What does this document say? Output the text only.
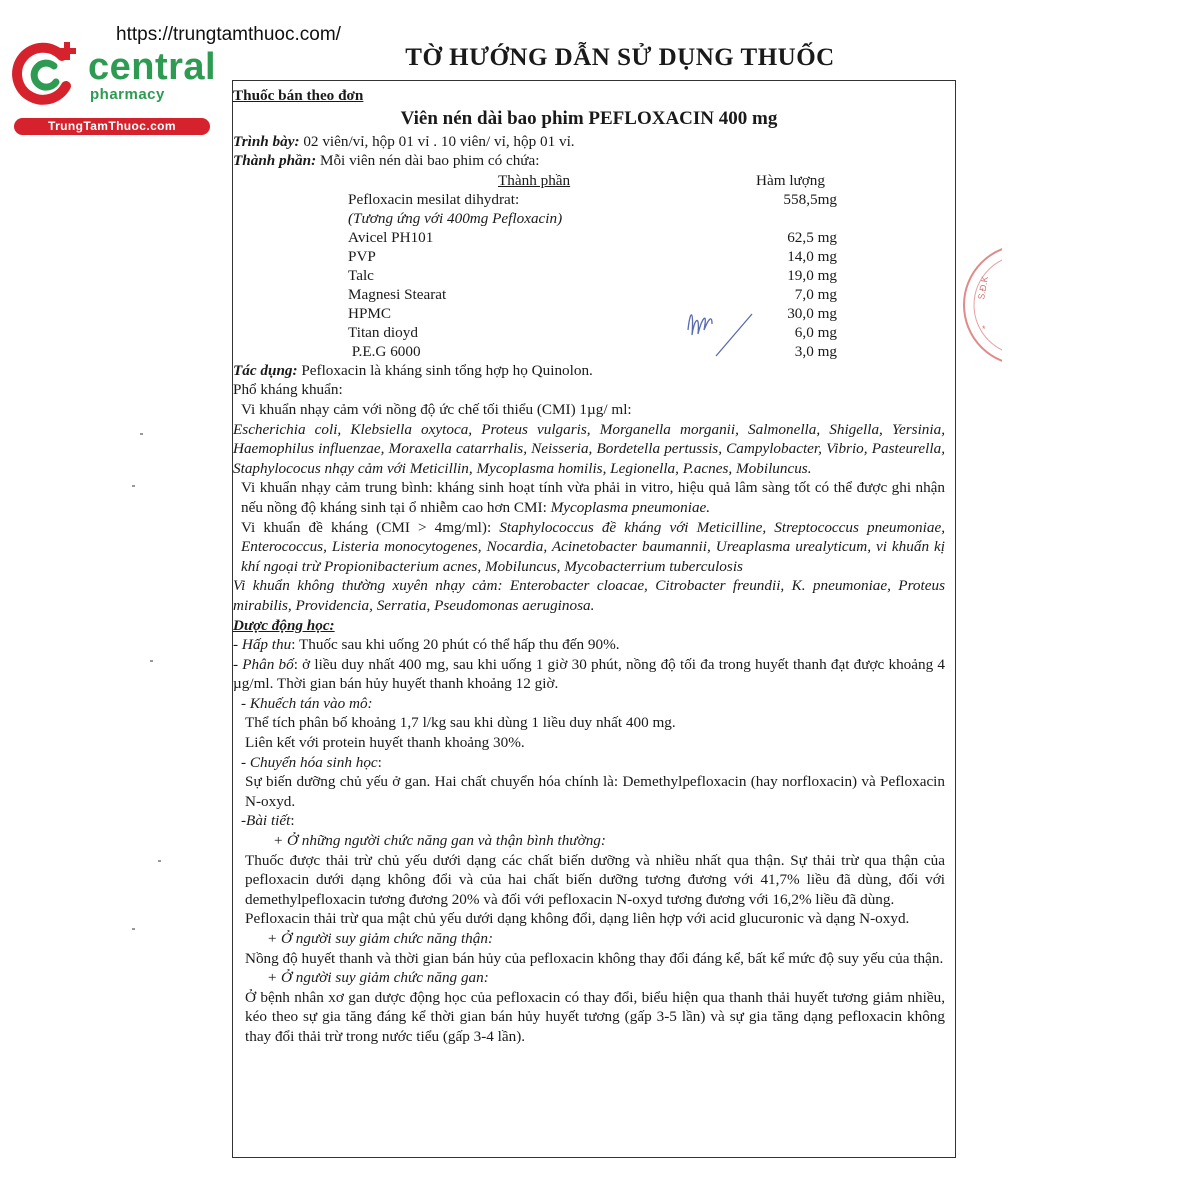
https://trungtamthuoc.com/
central
pharmacy
TrungTamThuoc.com
TỜ HƯỚNG DẪN SỬ DỤNG THUỐC
S.Đ.K
*

Thuốc bán theo đơn

Viên nén dài bao phim PEFLOXACIN 400 mg

Trình bày: 02 viên/vỉ, hộp 01 vỉ . 10 viên/ vỉ, hộp 01 vỉ.

Thành phần: Mỗi viên nén dài bao phim có chứa:

Thành phần	Hàm lượng
Pefloxacin mesilat dihydrat:	558,5mg
(Tương ứng với 400mg Pefloxacin)	
Avicel PH101	62,5 mg
PVP	14,0 mg
Talc	19,0 mg
Magnesi Stearat	7,0 mg
HPMC	30,0 mg
Titan dioyd	6,0 mg
P.E.G 6000	3,0 mg

Tác dụng: Pefloxacin là kháng sinh tổng hợp họ Quinolon.

Phổ kháng khuẩn:

Vi khuẩn nhạy cảm với nồng độ ức chế tối thiểu (CMI) 1µg/ ml:

Escherichia coli, Klebsiella oxytoca, Proteus vulgaris, Morganella morganii, Salmonella, Shigella, Yersinia, Haemophilus influenzae, Moraxella catarrhalis, Neisseria, Bordetella pertussis, Campylobacter, Vibrio, Pasteurella, Staphylococus nhạy cảm với Meticillin, Mycoplasma homilis, Legionella, P.acnes, Mobiluncus.

Vi khuẩn nhạy cảm trung bình: kháng sinh hoạt tính vừa phải in vitro, hiệu quả lâm sàng tốt có thể được ghi nhận nếu nồng độ kháng sinh tại ổ nhiễm cao hơn CMI: Mycoplasma pneumoniae.

Vi khuẩn đề kháng (CMI > 4mg/ml): Staphylococcus đề kháng với Meticilline, Streptococcus pneumoniae, Enterococcus, Listeria monocytogenes, Nocardia, Acinetobacter baumannii, Ureaplasma urealyticum, vi khuẩn kị khí ngoại trừ Propionibacterium acnes, Mobiluncus, Mycobacterrium tuberculosis

Vi khuẩn không thường xuyên nhạy cảm: Enterobacter cloacae, Citrobacter freundii, K. pneumoniae, Proteus mirabilis, Providencia, Serratia, Pseudomonas aeruginosa.

Dược động học:

- Hấp thu: Thuốc sau khi uống 20 phút có thể hấp thu đến 90%.

- Phân bố: ở liều duy nhất 400 mg, sau khi uống 1 giờ 30 phút, nồng độ tối đa trong huyết thanh đạt được khoảng 4 µg/ml. Thời gian bán hủy huyết thanh khoảng 12 giờ.

- Khuếch tán vào mô:

Thể tích phân bố khoảng 1,7 l/kg sau khi dùng 1 liều duy nhất 400 mg.

Liên kết với protein huyết thanh khoảng 30%.

- Chuyển hóa sinh học:

Sự biến dưỡng chủ yếu ở gan. Hai chất chuyển hóa chính là: Demethylpefloxacin (hay norfloxacin) và Pefloxacin N-oxyd.

-Bài tiết:

+ Ở những người chức năng gan và thận bình thường:

Thuốc được thải trừ chủ yếu dưới dạng các chất biến dưỡng và nhiều nhất qua thận. Sự thải trừ qua thận của pefloxacin dưới dạng không đổi và của hai chất biến dưỡng tương đương với 41,7% liều đã dùng, đối với demethylpefloxacin tương đương 20% và đối với pefloxacin N-oxyd tương đương với 16,2% liều đã dùng.

Pefloxacin thải trừ qua mật chủ yếu dưới dạng không đổi, dạng liên hợp với acid glucuronic và dạng N-oxyd.

+ Ở người suy giảm chức năng thận:

Nồng độ huyết thanh và thời gian bán hủy của pefloxacin không thay đổi đáng kể, bất kể mức độ suy yếu của thận.

+ Ở người suy giảm chức năng gan:

Ở bệnh nhân xơ gan dược động học của pefloxacin có thay đổi, biểu hiện qua thanh thải huyết tương giảm nhiều, kéo theo sự gia tăng đáng kể thời gian bán hủy huyết tương (gấp 3-5 lần) và sự gia tăng dạng pefloxacin không thay đổi thải trừ trong nước tiểu (gấp 3-4 lần).
